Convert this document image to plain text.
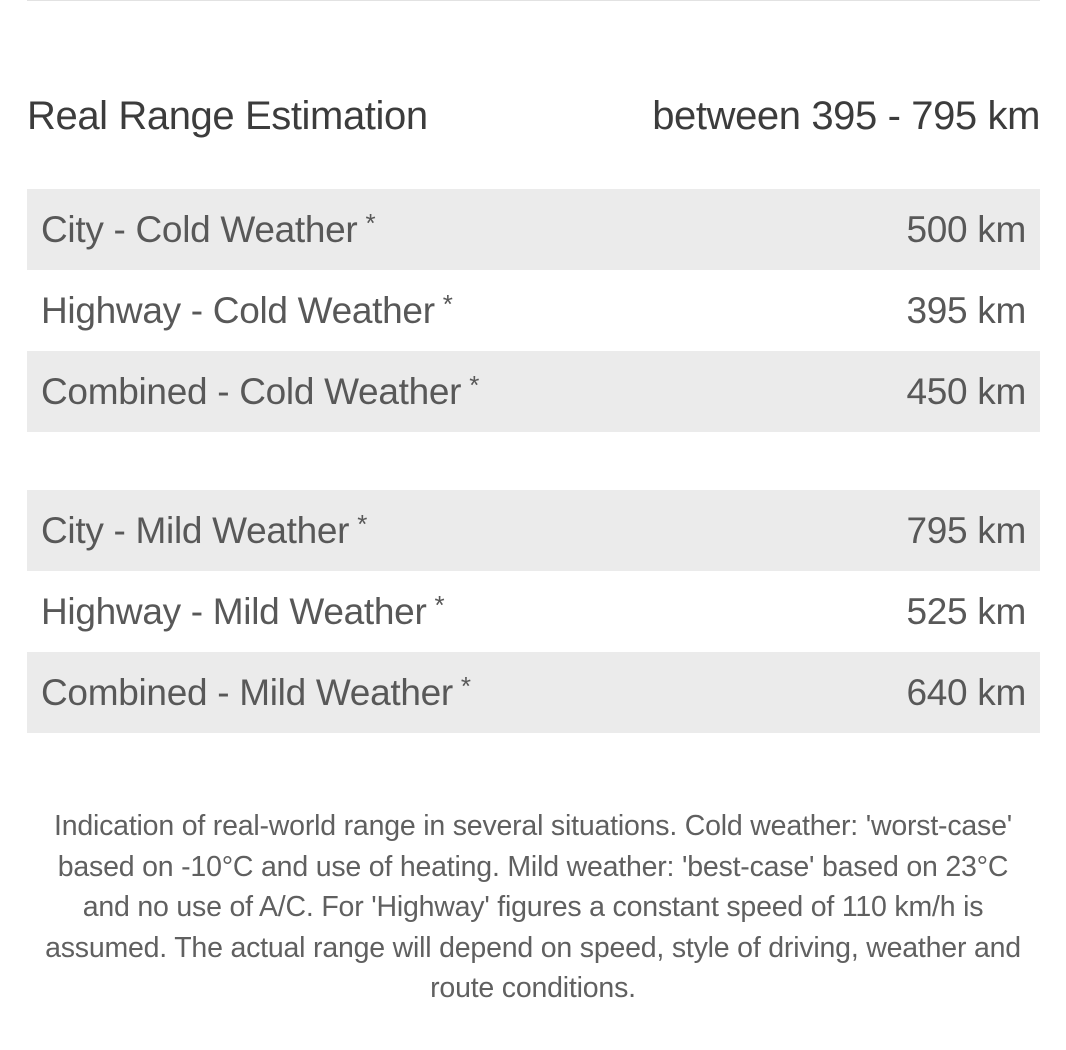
Real Range Estimation	between 395 - 795 km
City - Cold Weather *	500 km
Highway - Cold Weather *	395 km
Combined - Cold Weather *	450 km
City - Mild Weather *	795 km
Highway - Mild Weather *	525 km
Combined - Mild Weather *	640 km
Indication of real-world range in several situations. Cold weather: 'worst-case' based on -10°C and use of heating. Mild weather: 'best-case' based on 23°C and no use of A/C. For 'Highway' figures a constant speed of 110 km/h is assumed. The actual range will depend on speed, style of driving, weather and route conditions.
